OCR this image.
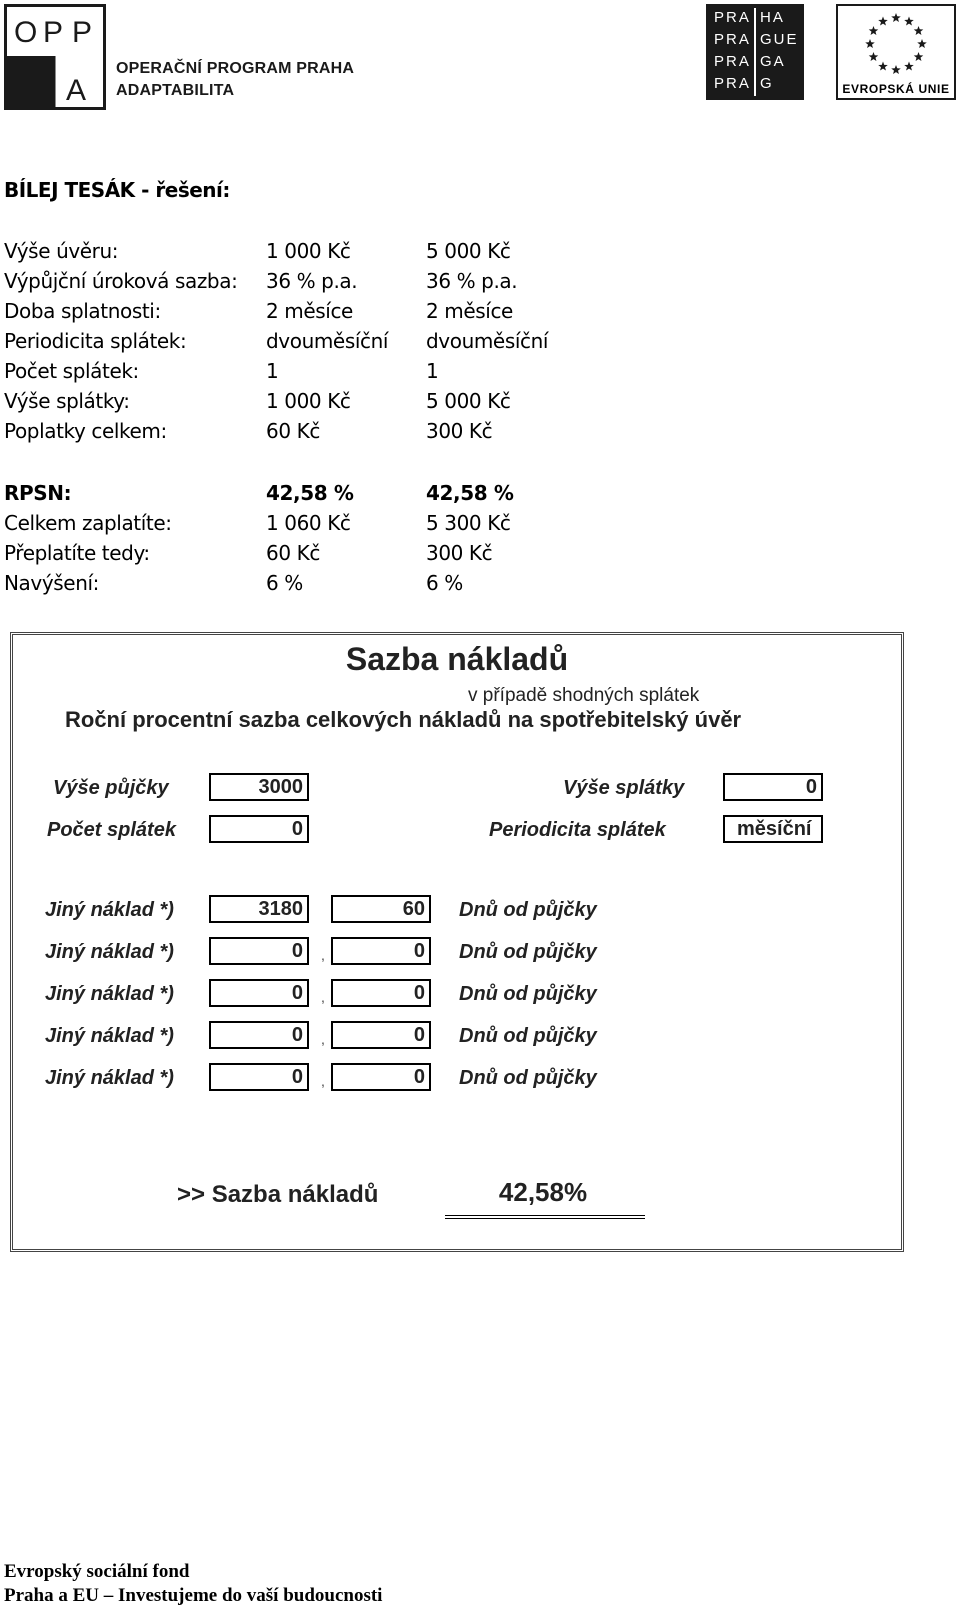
O P P
A
OPERAČNÍ PROGRAM PRAHA
ADAPTABILITA
PRA HA
PRA GUE
PRA GA
PRA G	EVROPSKÁ UNIE
BÍLEJ TESÁK - řešení:
Výše úvěru:	1 000 Kč	5 000 Kč
Výpůjční úroková sazba: 36 % p.a.	36 % p.a.
Doba splatnosti:	2 měsíce	2 měsíce
Periodicita splátek:	dvouměsíční dvouměsíční
Počet splátek:	1	1
Výše splátky:	1 000 Kč	5 000 Kč
Poplatky celkem:	60 Kč	300 Kč
RPSN:	42,58 %	42,58 %
Celkem zaplatíte:	1 060 Kč	5 300 Kč
Přeplatíte tedy:	60 Kč	300 Kč
Navýšení:	6 %	6 %
Sazba nákladů
v případě shodných splátek
Roční procentní sazba celkových nákladů na spotřebitelský úvěr
Výše půjčky	3000	Výše splátky	0
Počet splátek	0	Periodicita splátek	měsíční
Jiný náklad *)	3180	60	Dnů od půjčky
Jiný náklad *)	0	,	0	Dnů od půjčky
Jiný náklad *)	0	,	0	Dnů od půjčky
Jiný náklad *)	0	,	0	Dnů od půjčky
Jiný náklad *)	0	,	0	Dnů od půjčky
>> Sazba nákladů	42,58%
Evropský sociální fond
Praha a EU – Investujeme do vaší budoucnosti
